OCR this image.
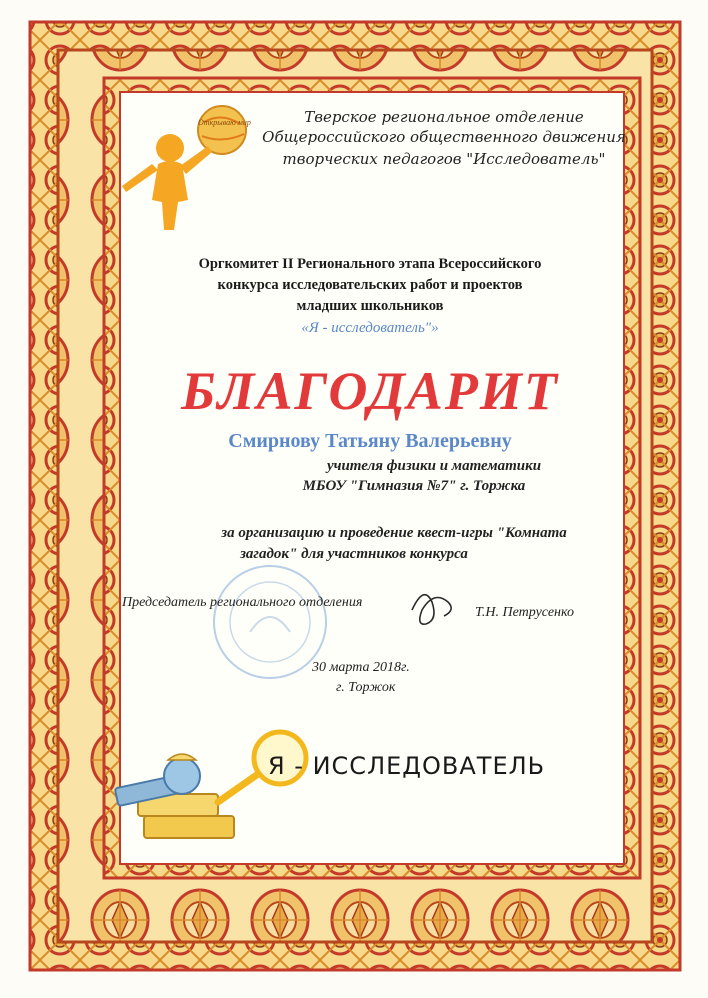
Открываю мир	Тверское региональное отделение
Общероссийского общественного движения
творческих педагогов "Исследователь"
Оргкомитет II Регионального этапа Всероссийского
конкурса исследовательских работ и проектов
младших школьников
«Я - исследователь"»
БЛАГОДАРИТ
Смирнову Татьяну Валерьевну
учителя физики и математики
МБОУ "Гимназия №7" г. Торжка
за организацию и проведение квест-игры "Комната
загадок" для участников конкурса
Председатель регионального отделения
Т.Н. Петрусенко
30 марта 2018г.
г. Торжок
Я - ИССЛЕДОВАТЕЛЬ
